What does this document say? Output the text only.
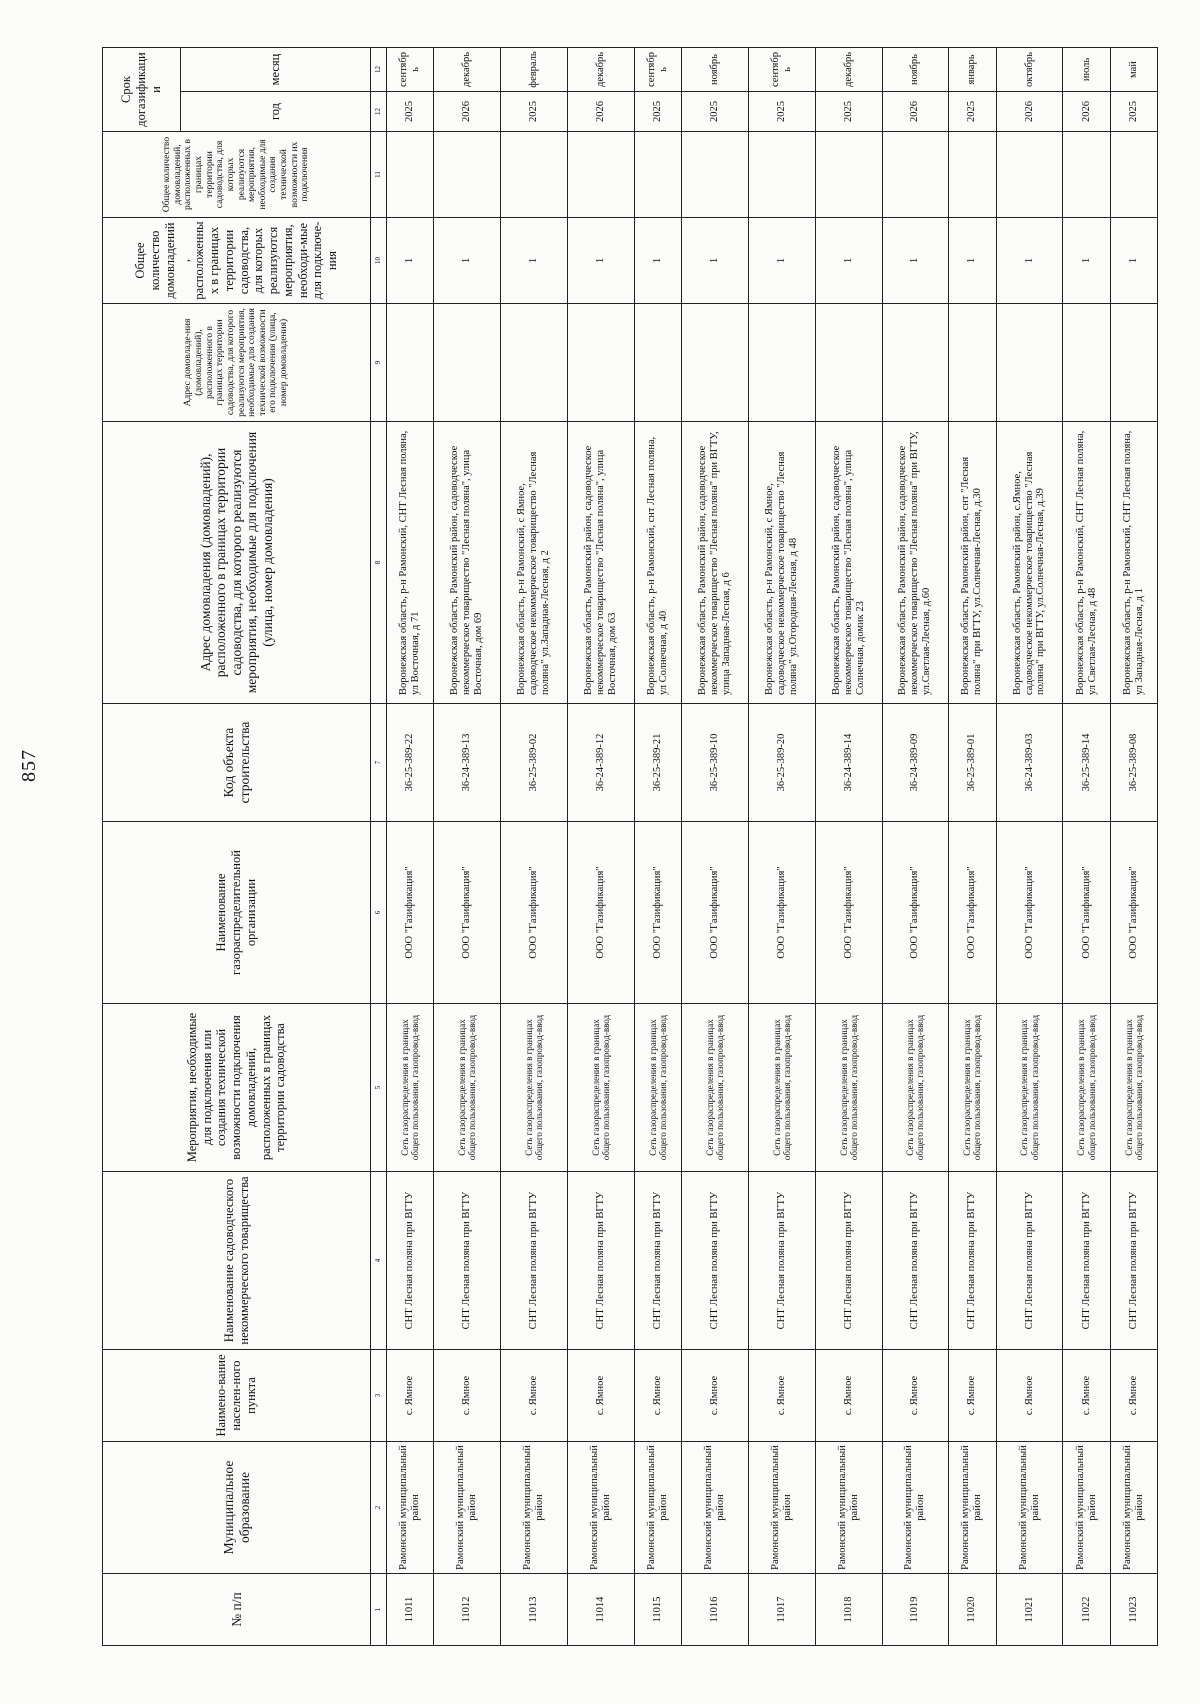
857
№ п/п	Муниципальное образование	Наимено-вание населен-ного пункта	Наименование садоводческого некоммерческого товарищества	Мероприятия, необходимые для подключения или создания технической возможности подключения домовладений, расположенных в границах территории садоводства	Наименование газораспределительной организации	Код объекта строительства	Адрес домовладения (домовладений), расположенного в границах территории садоводства, для которого реализуются мероприятия, необходимые для подключения (улица, номер домовладения)	Адрес домовладе-ния (домовладений), расположенного в границах территории садоводства, для которого реализуются мероприятия, необходимые для создания технической возможности его подключения (улица, номер домовладения)	Общее количество домовладений, расположенных в границах территории садоводства, для которых реализуются мероприятия, необходи-мые для подключе-ния	Общее количество домовладений, расположенных в границах территории садоводства, для которых реализуются мероприятия, необходимые для создания технической возможности их подключения	Срок догазификации	
											год	месяц
1	2	3	4	5	6	7	8	9	10	11	12	12
11011	Рамонский муниципальный район	с. Ямное	СНТ Лесная поляна при ВГТУ	Сеть газораспределения в границах общего пользования, газопровод-ввод	ООО "Газификация"	36-25-389-22	Воронежская область, р-н Рамонский, СНТ Лесная поляна, ул Восточная, д 71		1		2025	сентябрь
11012	Рамонский муниципальный район	с. Ямное	СНТ Лесная поляна при ВГТУ	Сеть газораспределения в границах общего пользования, газопровод-ввод	ООО "Газификация"	36-24-389-13	Воронежская область, Рамонский район, садоводческое некоммерческое товарищество "Лесная поляна", улица Восточная, дом 69		1		2026	декабрь
11013	Рамонский муниципальный район	с. Ямное	СНТ Лесная поляна при ВГТУ	Сеть газораспределения в границах общего пользования, газопровод-ввод	ООО "Газификация"	36-25-389-02	Воронежская область, р-н Рамонский, с Ямное, садоводческое некоммерческое товарищество "Лесная поляна" ул.Западная-Лесная, д 2		1		2025	февраль
11014	Рамонский муниципальный район	с. Ямное	СНТ Лесная поляна при ВГТУ	Сеть газораспределения в границах общего пользования, газопровод-ввод	ООО "Газификация"	36-24-389-12	Воронежская область, Рамонский район, садоводческое некоммерческое товарищество "Лесная поляна", улица Восточная, дом 63		1		2026	декабрь
11015	Рамонский муниципальный район	с. Ямное	СНТ Лесная поляна при ВГТУ	Сеть газораспределения в границах общего пользования, газопровод-ввод	ООО "Газификация"	36-25-389-21	Воронежская область, р-н Рамонский, снт Лесная поляна, ул Солнечная, д 40		1		2025	сентябрь
11016	Рамонский муниципальный район	с. Ямное	СНТ Лесная поляна при ВГТУ	Сеть газораспределения в границах общего пользования, газопровод-ввод	ООО "Газификация"	36-25-389-10	Воронежская область, Рамонский район, садоводческое некоммерческое товарищество "Лесная поляна" при ВГТУ, улица Западная-Лесная, д 6		1		2025	ноябрь
11017	Рамонский муниципальный район	с. Ямное	СНТ Лесная поляна при ВГТУ	Сеть газораспределения в границах общего пользования, газопровод-ввод	ООО "Газификация"	36-25-389-20	Воронежская область, р-н Рамонский, с Ямное, садоводческое некоммерческое товарищество "Лесная поляна" ул.Огородная-Лесная, д 48		1		2025	сентябрь
11018	Рамонский муниципальный район	с. Ямное	СНТ Лесная поляна при ВГТУ	Сеть газораспределения в границах общего пользования, газопровод-ввод	ООО "Газификация"	36-24-389-14	Воронежская область, Рамонский район, садоводческое некоммерческое товарищество "Лесная поляна", улица Солнечная, домик 23		1		2025	декабрь
11019	Рамонский муниципальный район	с. Ямное	СНТ Лесная поляна при ВГТУ	Сеть газораспределения в границах общего пользования, газопровод-ввод	ООО "Газификация"	36-24-389-09	Воронежская область, Рамонский район, садоводческое некоммерческое товарищество "Лесная поляна" при ВГТУ, ул.Светлая-Лесная, д.60		1		2026	ноябрь
11020	Рамонский муниципальный район	с. Ямное	СНТ Лесная поляна при ВГТУ	Сеть газораспределения в границах общего пользования, газопровод-ввод	ООО "Газификация"	36-25-389-01	Воронежская область, Рамонский район, снт "Лесная поляна" при ВГТУ, ул.Солнечная-Лесная, д.30		1		2025	январь
11021	Рамонский муниципальный район	с. Ямное	СНТ Лесная поляна при ВГТУ	Сеть газораспределения в границах общего пользования, газопровод-ввод	ООО "Газификация"	36-24-389-03	Воронежская область, Рамонский район, с.Ямное, садоводческое некоммерческое товарищество "Лесная поляна" при ВГТУ, ул.Солнечная-Лесная, д.39		1		2026	октябрь
11022	Рамонский муниципальный район	с. Ямное	СНТ Лесная поляна при ВГТУ	Сеть газораспределения в границах общего пользования, газопровод-ввод	ООО "Газификация"	36-25-389-14	Воронежская область, р-н Рамонский, СНТ Лесная поляна, ул Светлая-Лесная, д 48		1		2026	июль
11023	Рамонский муниципальный район	с. Ямное	СНТ Лесная поляна при ВГТУ	Сеть газораспределения в границах общего пользования, газопровод-ввод	ООО "Газификация"	36-25-389-08	Воронежская область, р-н Рамонский, СНТ Лесная поляна, ул Западная-Лесная, д 1		1		2025	май
